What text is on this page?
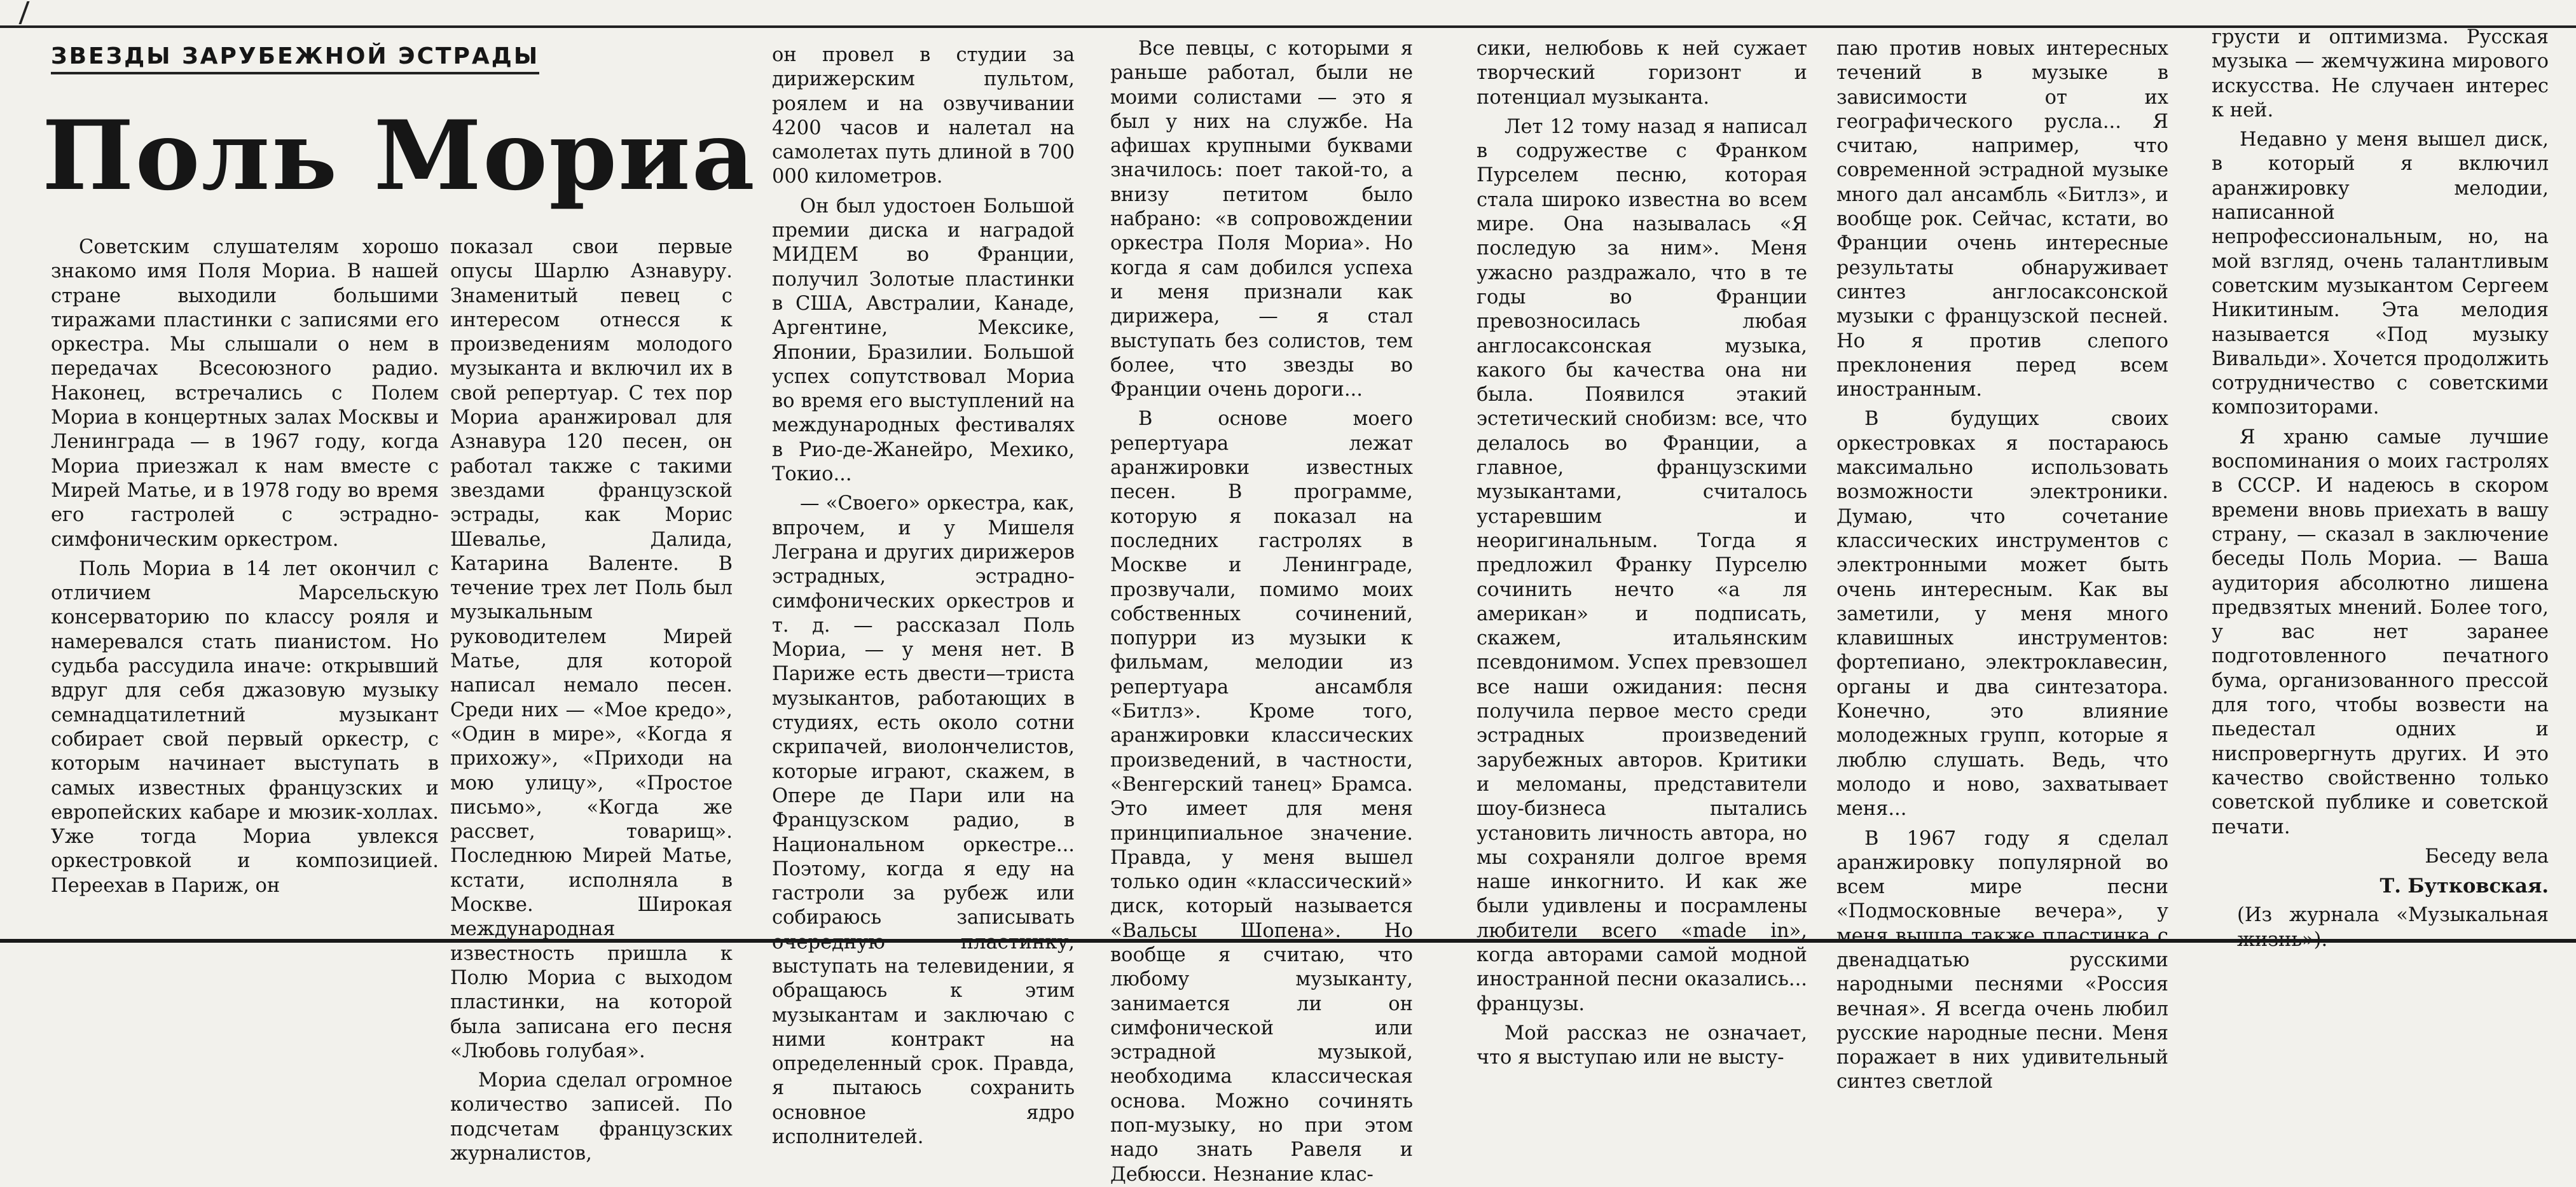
ЗВЕЗДЫ ЗАРУБЕЖНОЙ ЭСТРАДЫ
Поль Мориа

Советским слушателям хорошо знакомо имя Поля Мориа. В нашей стране выходили большими тиражами пластинки с записями его оркестра. Мы слышали о нем в передачах Всесоюзного радио. Наконец, встречались с Полем Мориа в концертных залах Москвы и Ленинграда — в 1967 году, когда Мориа приезжал к нам вместе с Мирей Матье, и в 1978 году во время его гастролей с эстрадно-симфоническим оркестром.

Поль Мориа в 14 лет окончил с отличием Марсельскую консерваторию по классу рояля и намеревался стать пианистом. Но судьба рассудила иначе: открывший вдруг для себя джазовую музыку семнадцатилетний музыкант собирает свой первый оркестр, с которым начинает выступать в самых известных французских и европейских кабаре и мюзик-холлах. Уже тогда Мориа увлекся оркестровкой и композицией. Переехав в Париж, он

показал свои первые опусы Шарлю Азнавуру. Знаменитый певец с интересом отнесся к произведениям молодого музыканта и включил их в свой репертуар. С тех пор Мориа аранжировал для Азнавура 120 песен, он работал также с такими звездами французской эстрады, как Морис Шевалье, Далида, Катарина Валенте. В течение трех лет Поль был музыкальным руководителем Мирей Матье, для которой написал немало песен. Среди них — «Мое кредо», «Один в мире», «Когда я прихожу», «Приходи на мою улицу», «Простое письмо», «Когда же рассвет, товарищ». Последнюю Мирей Матье, кстати, исполняла в Москве. Широкая международная известность пришла к Полю Мориа с выходом пластинки, на которой была записана его песня «Любовь голубая».

Мориа сделал огромное количество записей. По подсчетам французских журналистов,

он провел в студии за дирижерским пультом, роялем и на озвучивании 4200 часов и налетал на самолетах путь длиной в 700 000 километров.

Он был удостоен Большой премии диска и наградой МИДЕМ во Франции, получил Золотые пластинки в США, Австралии, Канаде, Аргентине, Мексике, Японии, Бразилии. Большой успех сопутствовал Мориа во время его выступлений на международных фестивалях в Рио-де-Жанейро, Мехико, Токио...

— «Своего» оркестра, как, впрочем, и у Мишеля Леграна и других дирижеров эстрадных, эстрадно-симфонических оркестров и т. д. — рассказал Поль Мориа, — у меня нет. В Париже есть двести—триста музыкантов, работающих в студиях, есть около сотни скрипачей, виолончелистов, которые играют, скажем, в Опере де Пари или на Французском радио, в Национальном оркестре... Поэтому, когда я еду на гастроли за рубеж или собираюсь записывать очередную пластинку, выступать на телевидении, я обращаюсь к этим музыкантам и заключаю с ними контракт на определенный срок. Правда, я пытаюсь сохранить основное ядро исполнителей.

Все певцы, с которыми я раньше работал, были не моими солистами — это я был у них на службе. На афишах крупными буквами значилось: поет такой-то, а внизу петитом было набрано: «в сопровождении оркестра Поля Мориа». Но когда я сам добился успеха и меня признали как дирижера, — я стал выступать без солистов, тем более, что звезды во Франции очень дороги...

В основе моего репертуара лежат аранжировки известных песен. В программе, которую я показал на последних гастролях в Москве и Ленинграде, прозвучали, помимо моих собственных сочинений, попурри из музыки к фильмам, мелодии из репертуара ансамбля «Битлз». Кроме того, аранжировки классических произведений, в частности, «Венгерский танец» Брамса. Это имеет для меня принципиальное значение. Правда, у меня вышел только один «классический» диск, который называется «Вальсы Шопена». Но вообще я считаю, что любому музыканту, занимается ли он симфонической или эстрадной музыкой, необходима классическая основа. Можно сочинять поп-музыку, но при этом надо знать Равеля и Дебюсси. Незнание клас-

сики, нелюбовь к ней сужает творческий горизонт и потенциал музыканта.

Лет 12 тому назад я написал в содружестве с Франком Пурселем песню, которая стала широко известна во всем мире. Она называлась «Я последую за ним». Меня ужасно раздражало, что в те годы во Франции превозносилась любая англосаксонская музыка, какого бы качества она ни была. Появился этакий эстетический снобизм: все, что делалось во Франции, а главное, французскими музыкантами, считалось устаревшим и неоригинальным. Тогда я предложил Франку Пурселю сочинить нечто «а ля американ» и подписать, скажем, итальянским псевдонимом. Успех превзошел все наши ожидания: песня получила первое место среди эстрадных произведений зарубежных авторов. Критики и меломаны, представители шоу-бизнеса пытались установить личность автора, но мы сохраняли долгое время наше инкогнито. И как же были удивлены и посрамлены любители всего «made in», когда авторами самой модной иностранной песни оказались... французы.

Мой рассказ не означает, что я выступаю или не высту-

паю против новых интересных течений в музыке в зависимости от их географического русла... Я считаю, например, что современной эстрадной музыке много дал ансамбль «Битлз», и вообще рок. Сейчас, кстати, во Франции очень интересные результаты обнаруживает синтез англосаксонской музыки с французской песней. Но я против слепого преклонения перед всем иностранным.

В будущих своих оркестровках я постараюсь максимально использовать возможности электроники. Думаю, что сочетание классических инструментов с электронными может быть очень интересным. Как вы заметили, у меня много клавишных инструментов: фортепиано, электроклавесин, органы и два синтезатора. Конечно, это влияние молодежных групп, которые я люблю слушать. Ведь, что молодо и ново, захватывает меня...

В 1967 году я сделал аранжировку популярной во всем мире песни «Подмосковные вечера», у меня вышла также пластинка с двенадцатью русскими народными песнями «Россия вечная». Я всегда очень любил русские народные песни. Меня поражает в них удивительный синтез светлой

грусти и оптимизма. Русская музыка — жемчужина мирового искусства. Не случаен интерес к ней.

Недавно у меня вышел диск, в который я включил аранжировку мелодии, написанной непрофессиональным, но, на мой взгляд, очень талантливым советским музыкантом Сергеем Никитиным. Эта мелодия называется «Под музыку Вивальди». Хочется продолжить сотрудничество с советскими композиторами.

Я храню самые лучшие воспоминания о моих гастролях в СССР. И надеюсь в скором времени вновь приехать в вашу страну, — сказал в заключение беседы Поль Мориа. — Ваша аудитория абсолютно лишена предвзятых мнений. Более того, у вас нет заранее подготовленного печатного бума, организованного прессой для того, чтобы возвести на пьедестал одних и ниспровергнуть других. И это качество свойственно только советской публике и советской печати.

Беседу вела

Т. Бутковская.

(Из журнала «Музыкальная жизнь»).
